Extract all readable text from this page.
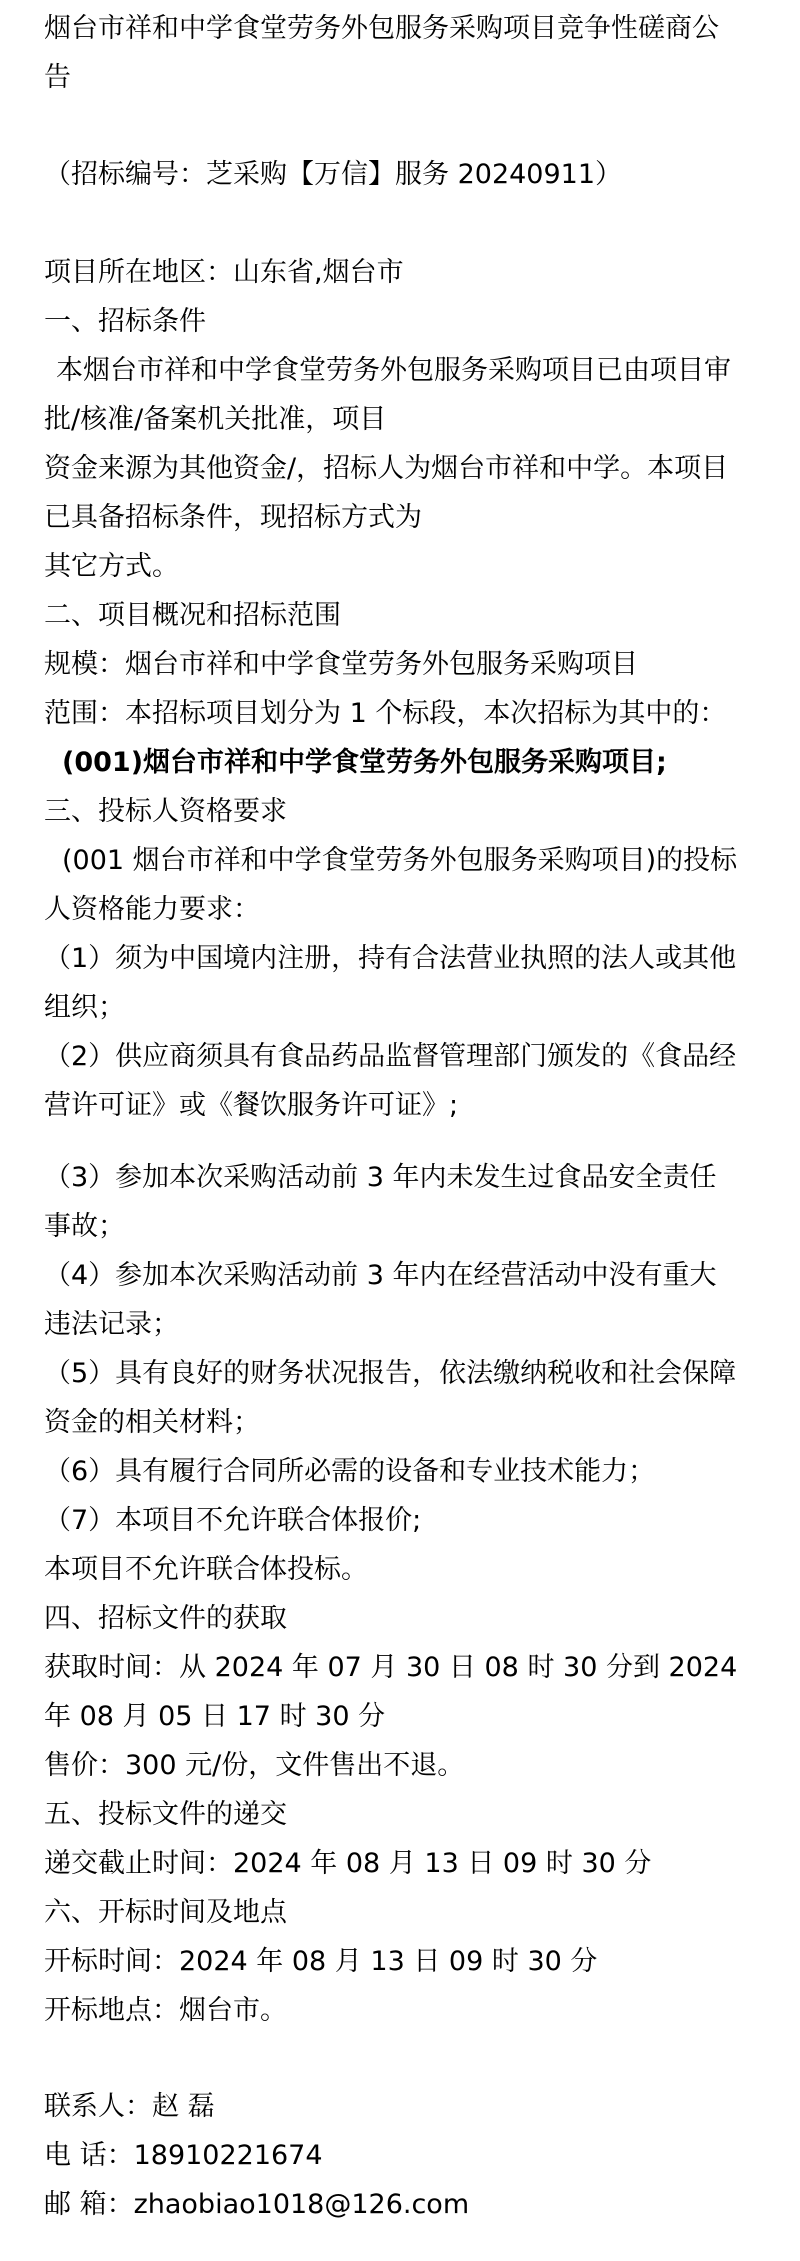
烟台市祥和中学食堂劳务外包服务采购项目竞争性磋商公
告
（招标编号：芝采购【万信】服务 20240911）
项目所在地区：山东省,烟台市
一、招标条件
本烟台市祥和中学食堂劳务外包服务采购项目已由项目审
批/核准/备案机关批准，项目
资金来源为其他资金/，招标人为烟台市祥和中学。本项目
已具备招标条件，现招标方式为
其它方式。
二、项目概况和招标范围
规模：烟台市祥和中学食堂劳务外包服务采购项目
范围：本招标项目划分为 1 个标段，本次招标为其中的：
(001)烟台市祥和中学食堂劳务外包服务采购项目;
三、投标人资格要求
(001 烟台市祥和中学食堂劳务外包服务采购项目)的投标
人资格能力要求：
（1）须为中国境内注册，持有合法营业执照的法人或其他
组织；
（2）供应商须具有食品药品监督管理部门颁发的《食品经
营许可证》或《餐饮服务许可证》;
（3）参加本次采购活动前 3 年内未发生过食品安全责任
事故；
（4）参加本次采购活动前 3 年内在经营活动中没有重大
违法记录；
（5）具有良好的财务状况报告，依法缴纳税收和社会保障
资金的相关材料；
（6）具有履行合同所必需的设备和专业技术能力；
（7）本项目不允许联合体报价;
本项目不允许联合体投标。
四、招标文件的获取
获取时间：从 2024 年 07 月 30 日 08 时 30 分到 2024
年 08 月 05 日 17 时 30 分
售价：300 元/份，文件售出不退。
五、投标文件的递交
递交截止时间：2024 年 08 月 13 日 09 时 30 分
六、开标时间及地点
开标时间：2024 年 08 月 13 日 09 时 30 分
开标地点：烟台市。
联系人：赵 磊
电 话：18910221674
邮 箱：zhaobiao1018@126.com
